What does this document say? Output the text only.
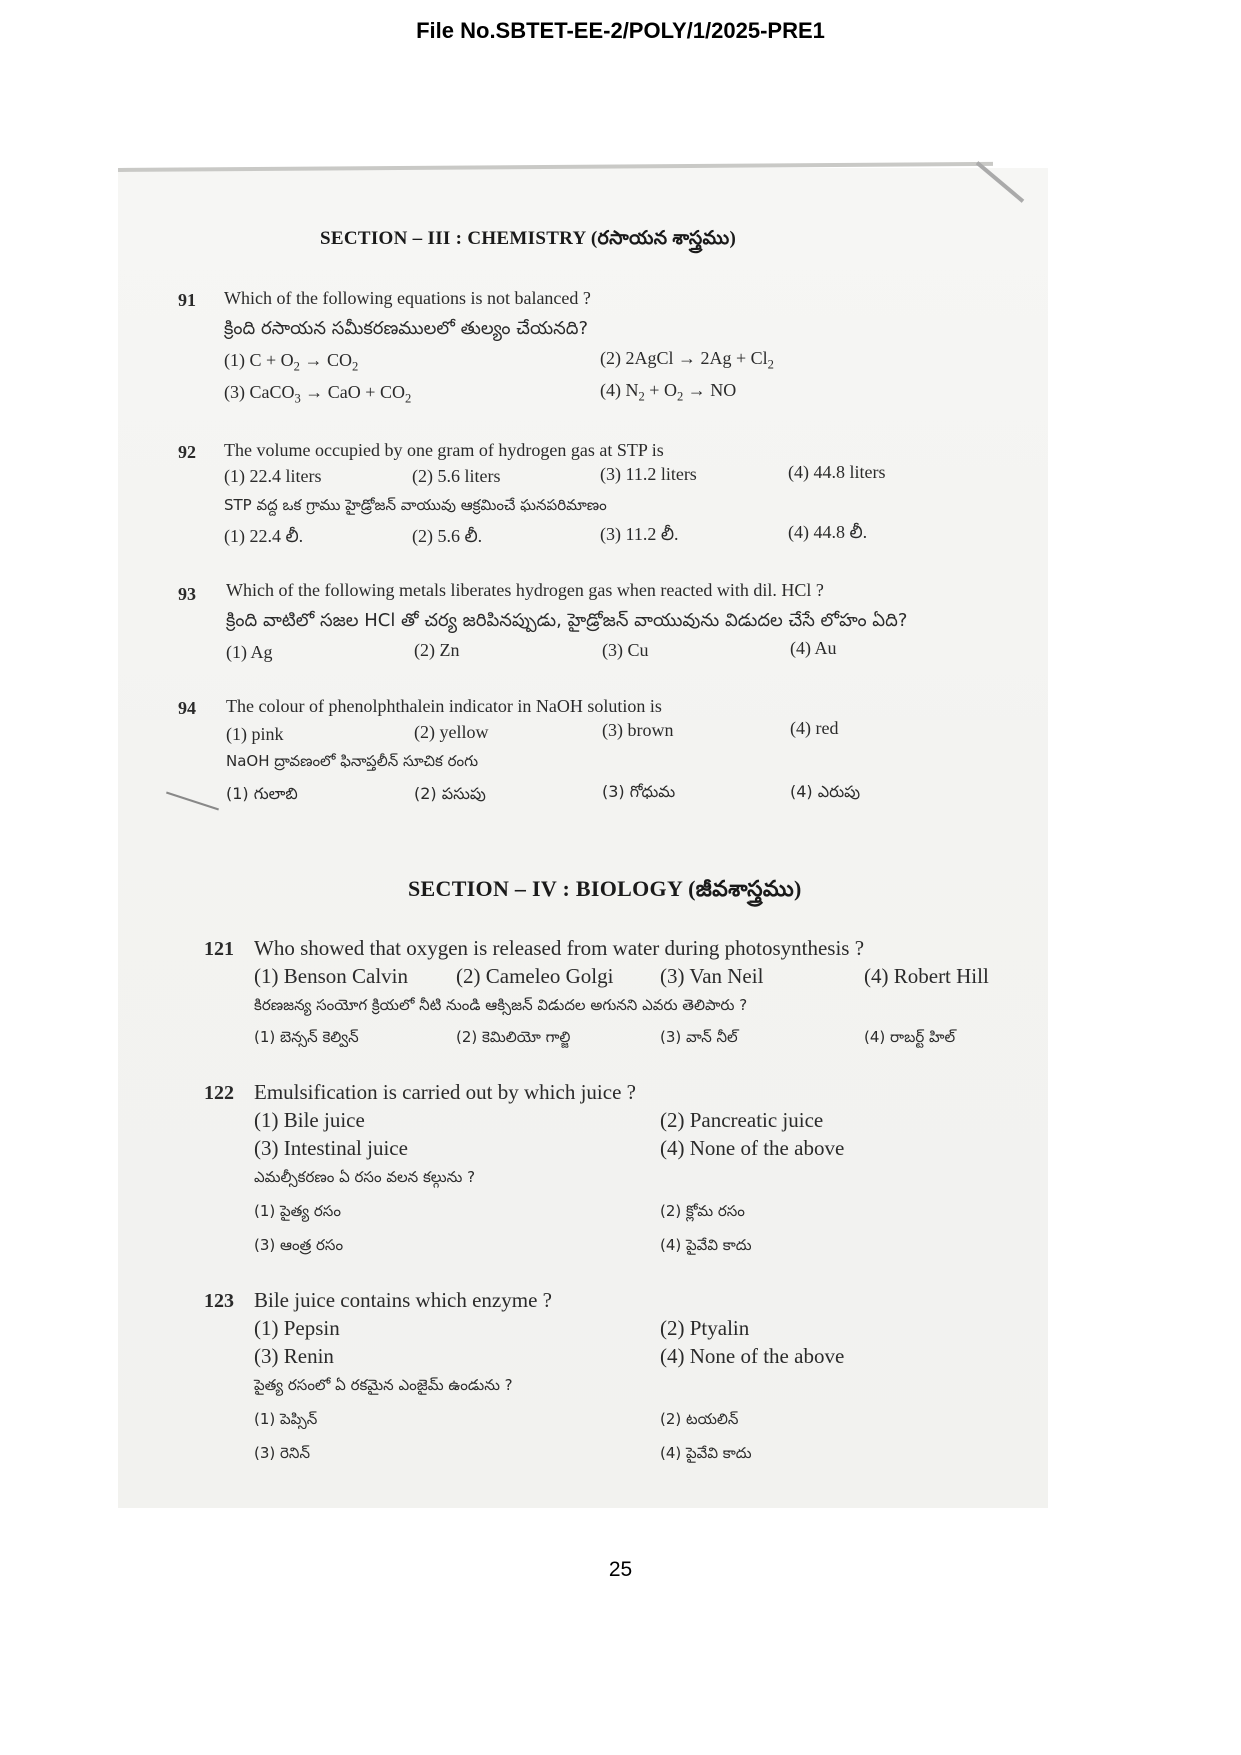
File No.SBTET-EE-2/POLY/1/2025-PRE1
SECTION – III : CHEMISTRY (రసాయన శాస్త్రము)
91 Which of the following equations is not balanced ?
క్రింది రసాయన సమీకరణములలో తుల్యం చేయనది?
(1) $C + O_2 \to CO_2$	(2) 2AgCl → $2Ag + Cl_2$
(3) CaCO$_3$ → CaO + $CO_2$	(4) $N_2 + O_2$ → NO
92 The volume occupied by one gram of hydrogen gas at STP is
(1) 22.4 liters	(2) 5.6 liters	(3) 11.2 liters	(4) 44.8 liters
STP వద్ద ఒక గ్రాము హైడ్రోజన్ వాయువు ఆక్రమించే ఘనపరిమాణం
(1) 22.4 లీ.	(2) 5.6 లీ.	(3) 11.2 లీ.	(4) 44.8 లీ.
93 Which of the following metals liberates hydrogen gas when reacted with dil. HCl ?
క్రింది వాటిలో సజల HCl తో చర్య జరిపినప్పుడు, హైడ్రోజన్ వాయువును విడుదల చేసే లోహం ఏది?
(1) Ag	(2) Zn	(3) Cu	(4) Au
94 The colour of phenolphthalein indicator in NaOH solution is
(1) pink	(2) yellow	(3) brown	(4) red
NaOH ద్రావణంలో ఫినాప్తలీన్ సూచిక రంగు
(1) గులాబి	(2) పసుపు	(3) గోధుమ	(4) ఎరుపు
SECTION – IV : BIOLOGY (జీవశాస్త్రము)
121 Who showed that oxygen is released from water during photosynthesis ?
(1) Benson Calvin (2) Cameleo Golgi (3) Van Neil	(4) Robert Hill
కిరణజన్య సంయోగ క్రియలో నీటి నుండి ఆక్సిజన్ విడుదల అగునని ఎవరు తెలిపారు ?
(1) బెన్సన్ కెల్విన్	(2) కెమిలియో గాల్జి	(3) వాన్ నీల్	(4) రాబర్ట్ హిల్
122 Emulsification is carried out by which juice ?
(1) Bile juice	(2) Pancreatic juice
(3) Intestinal juice	(4) None of the above
ఎమల్సీకరణం ఏ రసం వలన కల్గును ?
(1) పైత్య రసం	(2) క్లోమ రసం
(3) ఆంత్ర రసం	(4) పైవేవి కాదు
123 Bile juice contains which enzyme ?
(1) Pepsin	(2) Ptyalin
(3) Renin	(4) None of the above
పైత్య రసంలో ఏ రకమైన ఎంజైమ్ ఉండును ?
(1) పెప్సిన్	(2) టయలిన్
(3) రెనిన్	(4) పైవేవి కాదు
25
